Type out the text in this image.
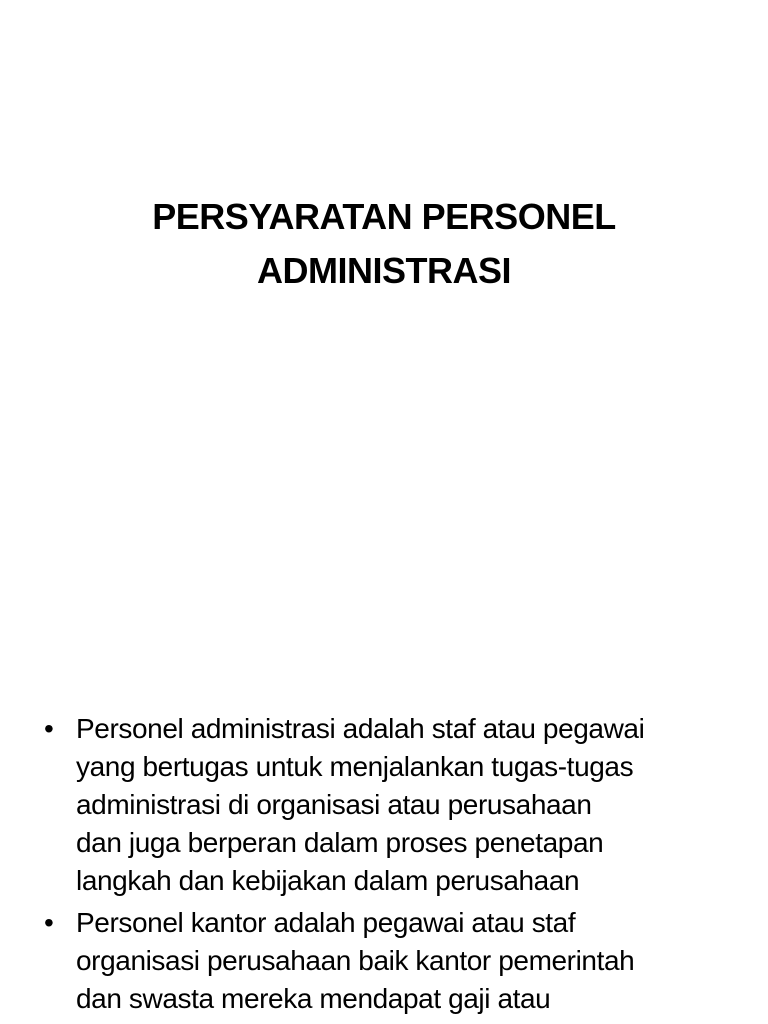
PERSYARATAN PERSONEL
ADMINISTRASI
• Personel administrasi adalah staf atau pegawai
yang bertugas untuk menjalankan tugas-tugas
administrasi di organisasi atau perusahaan
dan juga berperan dalam proses penetapan
langkah dan kebijakan dalam perusahaan
• Personel kantor adalah pegawai atau staf
organisasi perusahaan baik kantor pemerintah
dan swasta mereka mendapat gaji atau
